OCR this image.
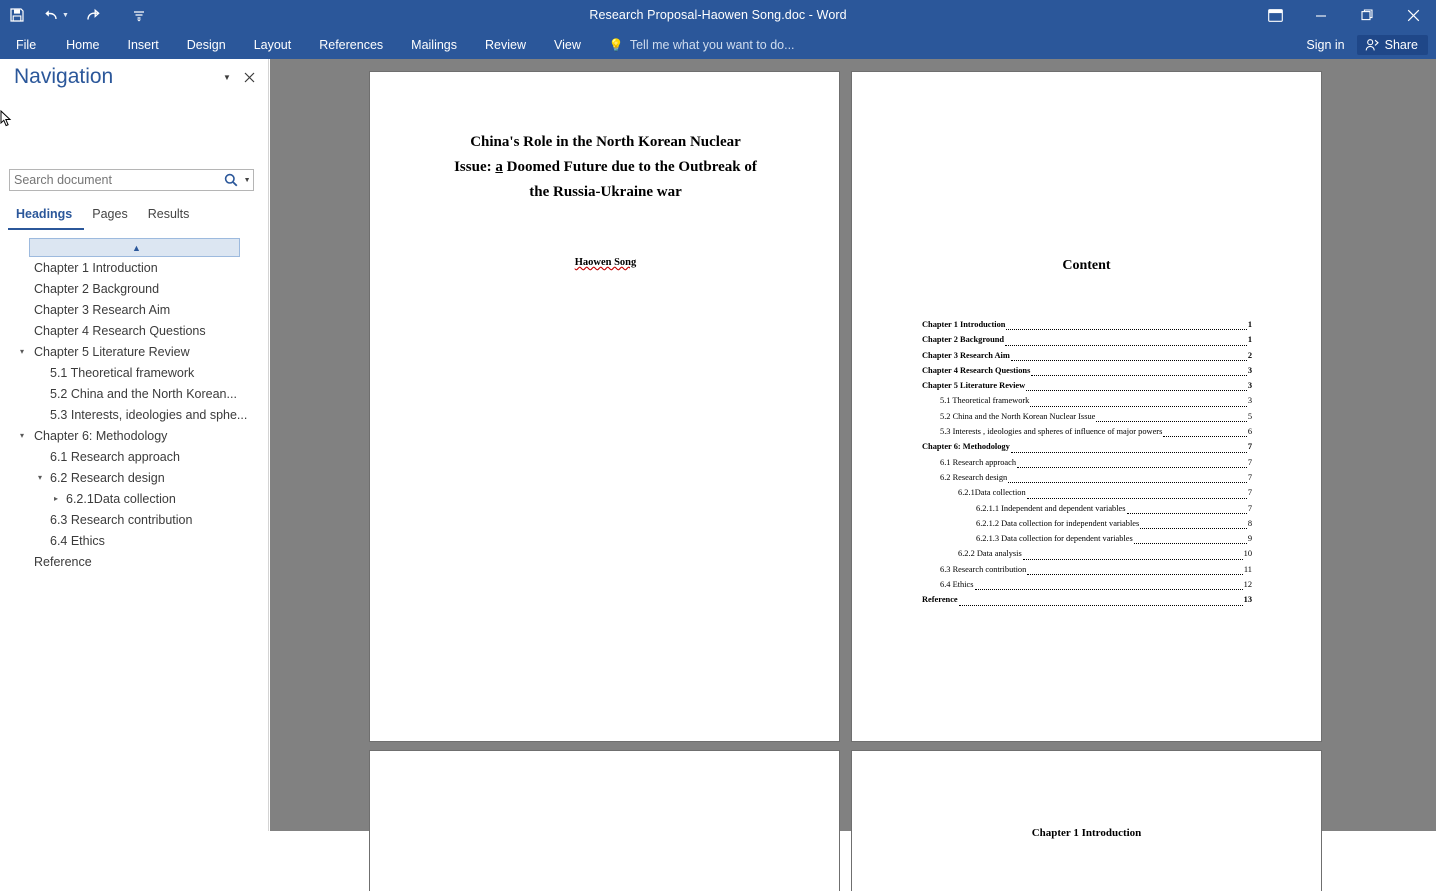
▼	Research Proposal-Haowen Song.doc - Word
File	Home	Insert	Design	Layout	References	Mailings	Review	View	💡 Tell me what you want to do...	Sign in	Share
Navigation	▼
Search document
▼
Headings	Pages	Results
▲
Chapter 1 Introduction
Chapter 2 Background
Chapter 3 Research Aim
Chapter 4 Research Questions
▾ Chapter 5 Literature Review
5.1 Theoretical framework
5.2 China and the North Korean...
5.3 Interests, ideologies and sphe...
▾ Chapter 6: Methodology
6.1 Research approach
▾ 6.2 Research design
▸ 6.2.1Data collection
6.3 Research contribution
6.4 Ethics
Reference
China's Role in the North Korean Nuclear
Issue: a Doomed Future due to the Outbreak of
the Russia-Ukraine war
Haowen Song	Content
Chapter 1 Introduction	1
Chapter 2 Background	1
Chapter 3 Research Aim	2
Chapter 4 Research Questions	3
Chapter 5 Literature Review	3
5.1 Theoretical framework	3
5.2 China and the North Korean Nuclear Issue	5
5.3 Interests , ideologies and spheres of influence of major powers	6
Chapter 6: Methodology	7
6.1 Research approach	7
6.2 Research design	7
6.2.1Data collection	7
6.2.1.1 Independent and dependent variables	7
6.2.1.2 Data collection for independent variables	8
6.2.1.3 Data collection for dependent variables	9
6.2.2 Data analysis	10
6.3 Research contribution	11
6.4 Ethics	12
Reference	13
Chapter 1 Introduction
